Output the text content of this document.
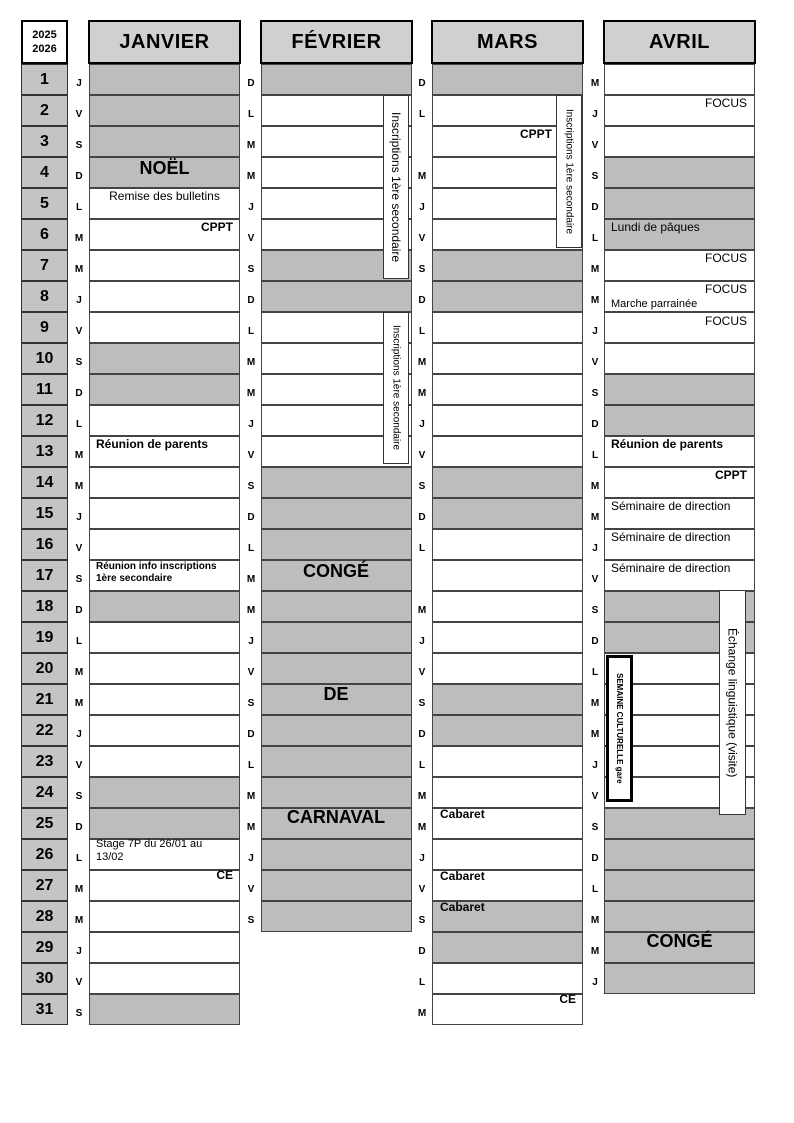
2025
2026
1
2
3
4
5
6
7
8
9
10
11
12
13
14
15
16
17
18
19
20
21
22
23
24
25
26
27
28
29
30
31
JANVIER
J
V
S
D
L
M
M
J
V
S
D
L
M
M
J
V
S
D
L
M
M
J
V
S
D
L
M
M
J
V
S
FÉVRIER
D
L
M
M
J
V
S
D
L
M
M
J
V
S
D
L
M
M
J
V
S
D
L
M
M
J
V
S
MARS
D
L
M
J
V
S
D
L
M
M
J
V
S
D
L
M
J
V
S
D
L
M
M
J
V
S
D
L
M
AVRIL
M
J
V
S
D
L
M
M
J
V
S
D
L
M
M
J
V
S
D
L
M
M
J
V
S
D
L
M
M
J
NOËL
Remise des bulletins
CPPT
Réunion de parents
Réunion info inscriptions
1ère secondaire
Stage 7P du 26/01 au
13/02
CE
Inscriptions 1ère secondaire
Inscriptions 1ère secondaire
CONGÉ
DE
CARNAVAL
CPPT Inscriptions 1ère secondaire
Cabaret
Cabaret
Cabaret
CE
FOCUS
Lundi de pâques
FOCUS
FOCUS
Marche parrainée
FOCUS
Réunion de parents
CPPT
Séminaire de direction
Séminaire de direction
Séminaire de direction
Échange linguistique (visite)
SEMAINE CULTURELLE gare
CONGÉ
